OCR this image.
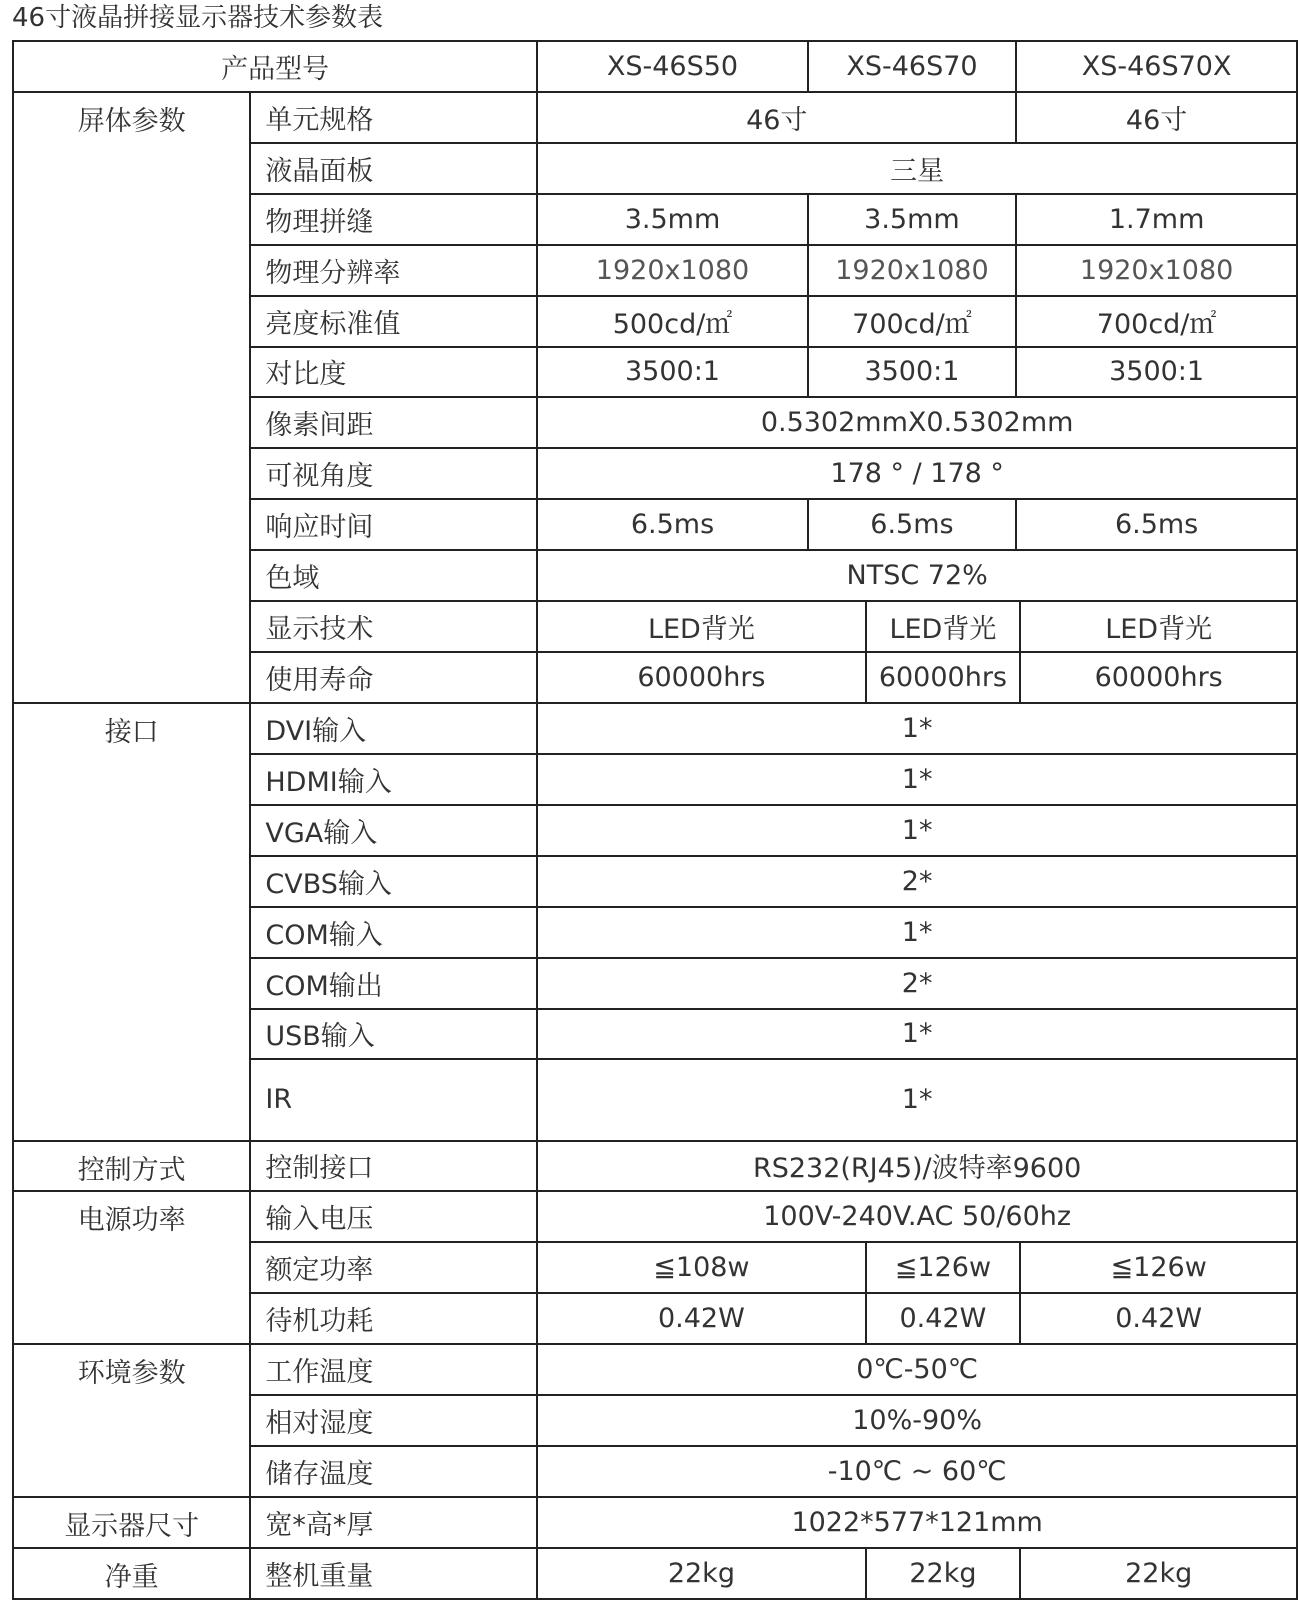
46寸液晶拼接显示器技术参数表
产品型号		XS-46S50	XS-46S70		XS-46S70X	
屏体参数	单元规格	46寸			46寸	
	液晶面板	三星				
	物理拼缝	3.5mm	3.5mm		1.7mm	
	物理分辨率	1920x1080	1920x1080		1920x1080	
	亮度标准值	500cd/㎡	700cd/㎡		700cd/㎡	
	对比度	3500:1	3500:1		3500:1	
	像素间距	0.5302mmX0.5302mm				
	可视角度	178 ° / 178 °				
	响应时间	6.5ms	6.5ms		6.5ms	
	色域	NTSC 72%				
	显示技术	LED背光		LED背光		LED背光
	使用寿命	60000hrs		60000hrs		60000hrs
接口	DVI输入	1*				
	HDMI输入	1*				
	VGA输入	1*				
	CVBS输入	2*				
	COM输入	1*				
	COM输出	2*				
	USB输入	1*				
	IR	1*				
控制方式	控制接口	RS232(RJ45)/波特率9600				
电源功率	输入电压	100V-240V.AC 50/60hz				
	额定功率	≦108w		≦126w		≦126w
	待机功耗	0.42W		0.42W		0.42W
环境参数	工作温度	0℃-50℃				
	相对湿度	10%-90%				
	储存温度	-10℃ ~ 60℃				
显示器尺寸	宽*高*厚	1022*577*121mm				
净重	整机重量	22kg		22kg		22kg
